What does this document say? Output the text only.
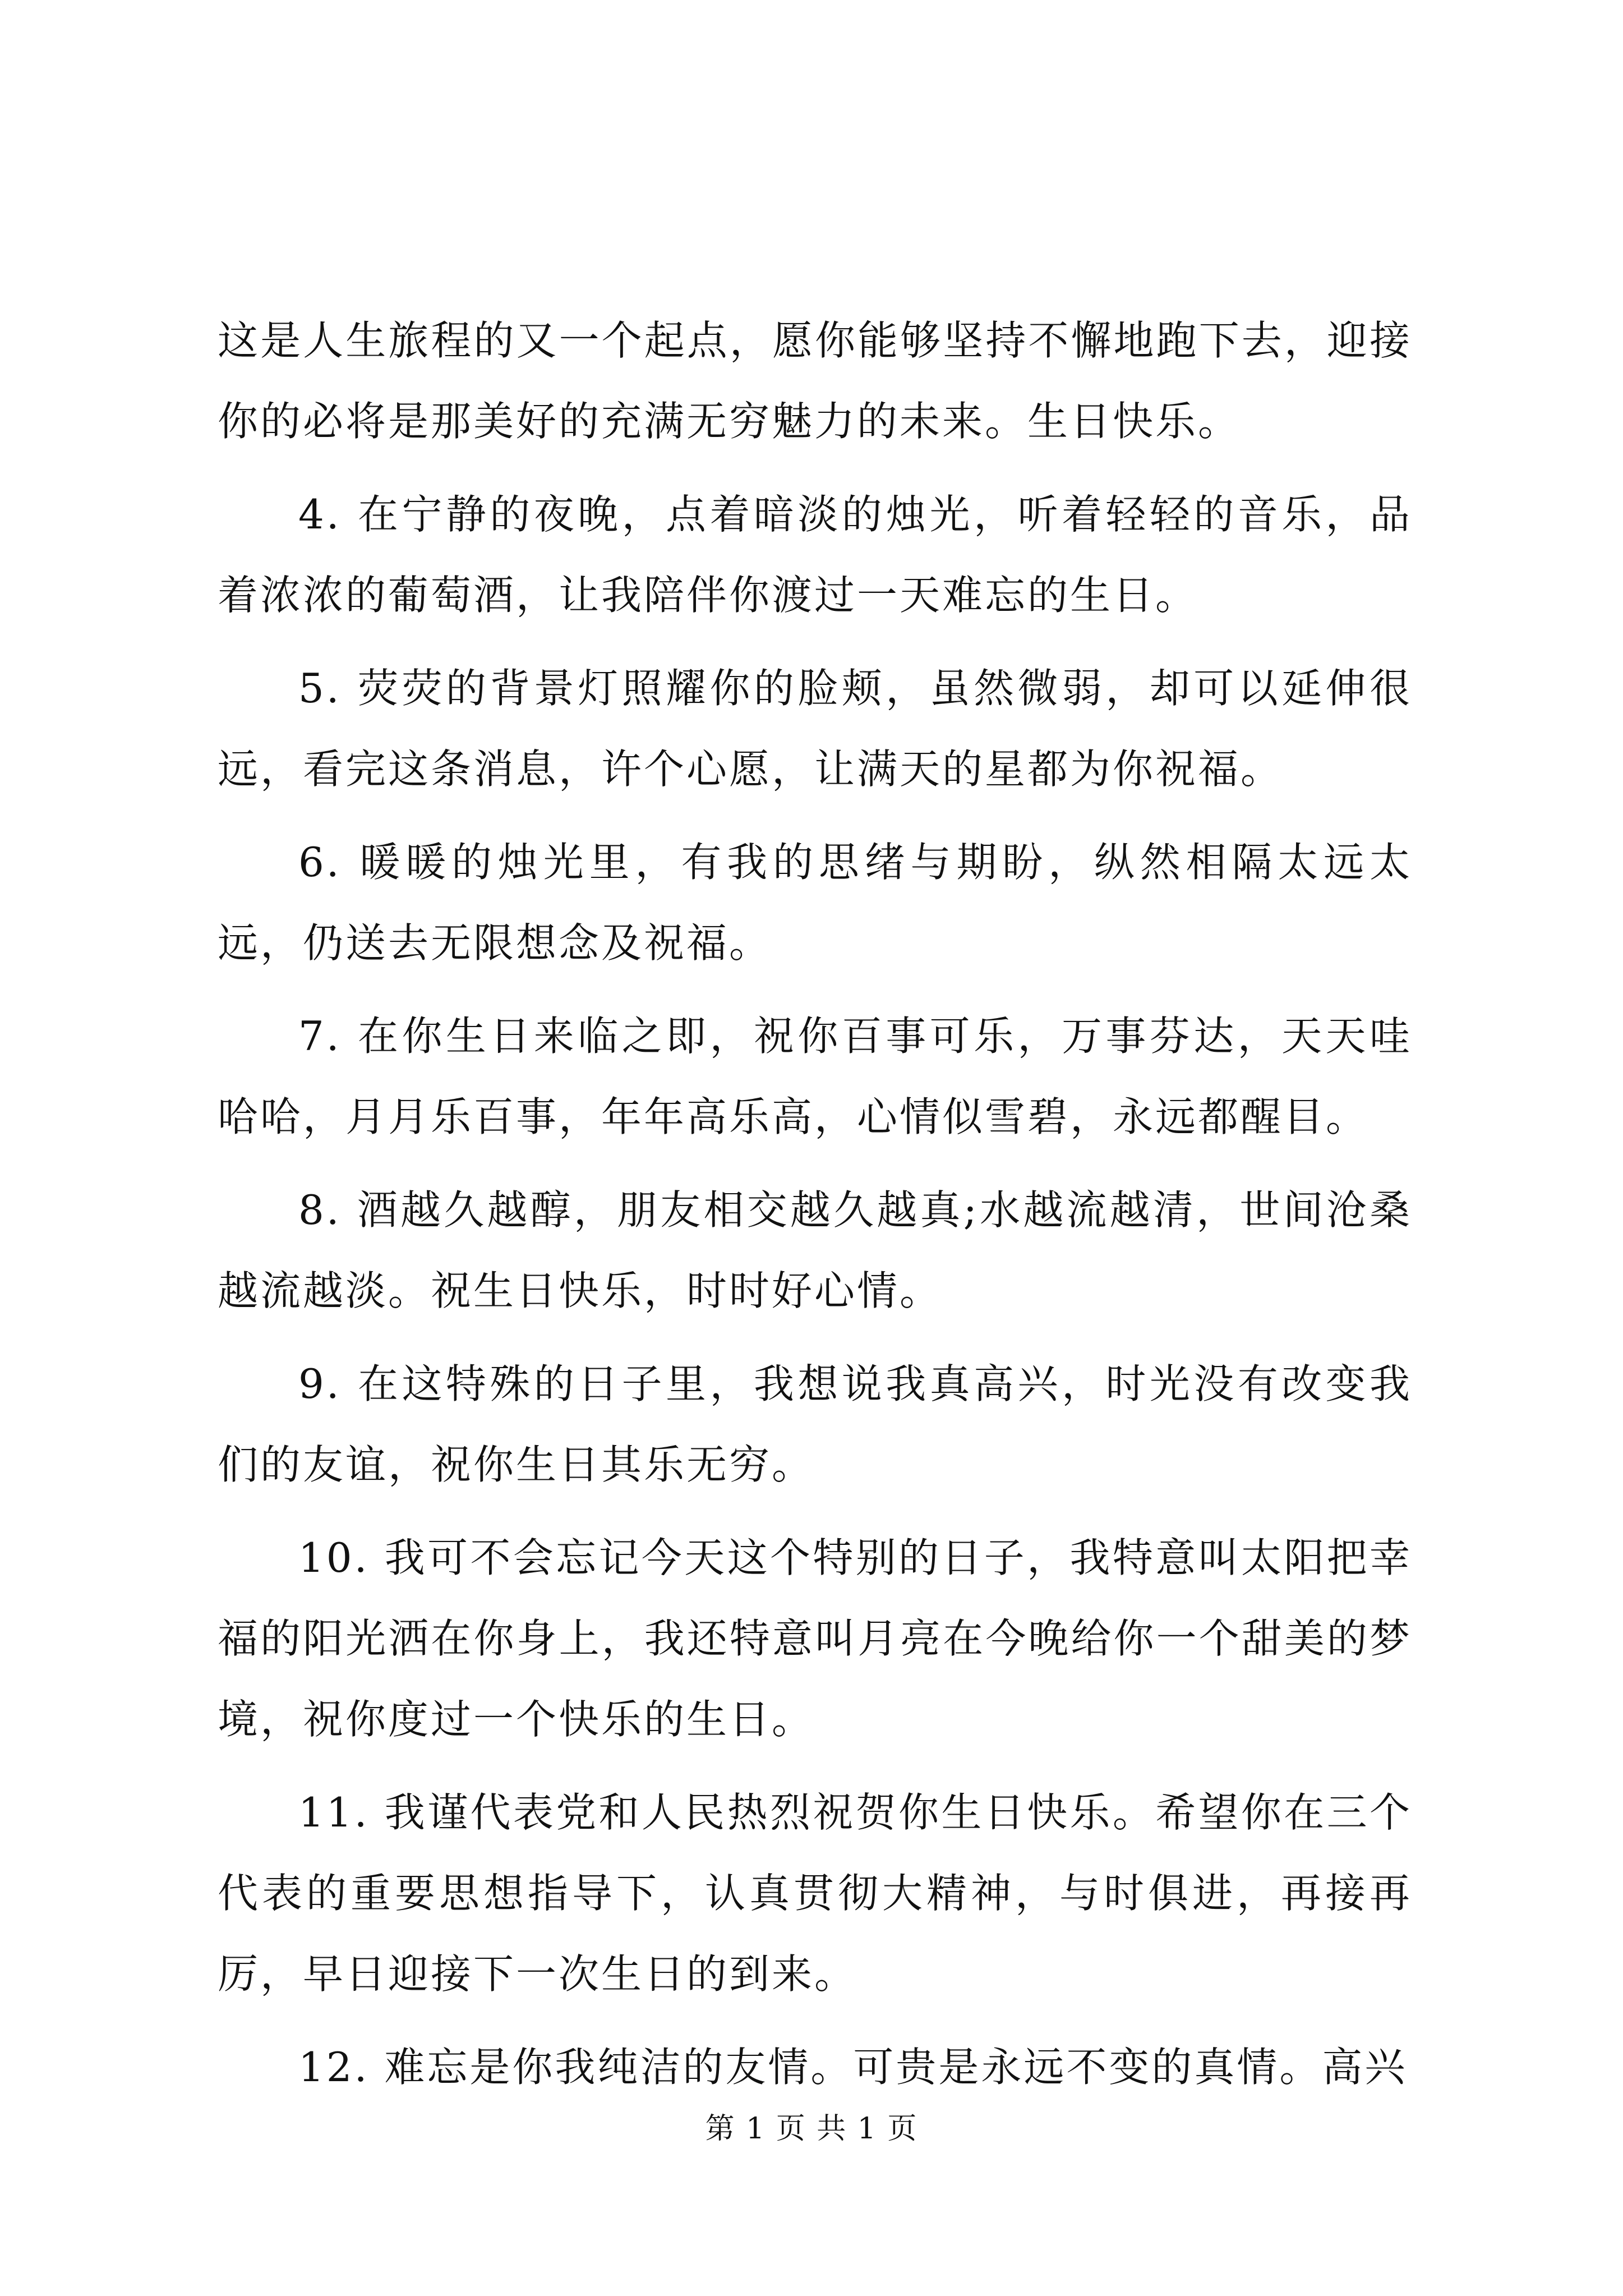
这是人生旅程的又一个起点，愿你能够坚持不懈地跑下去，迎接你的必将是那美好的充满无穷魅力的未来。生日快乐。

4. 在宁静的夜晚，点着暗淡的烛光，听着轻轻的音乐，品着浓浓的葡萄酒，让我陪伴你渡过一天难忘的生日。

5. 荧荧的背景灯照耀你的脸颊，虽然微弱，却可以延伸很远，看完这条消息，许个心愿，让满天的星都为你祝福。

6. 暖暖的烛光里，有我的思绪与期盼，纵然相隔太远太远，仍送去无限想念及祝福。

7. 在你生日来临之即，祝你百事可乐，万事芬达，天天哇哈哈，月月乐百事，年年高乐高，心情似雪碧，永远都醒目。

8. 酒越久越醇，朋友相交越久越真;水越流越清，世间沧桑越流越淡。祝生日快乐，时时好心情。

9. 在这特殊的日子里，我想说我真高兴，时光没有改变我们的友谊，祝你生日其乐无穷。

10. 我可不会忘记今天这个特别的日子，我特意叫太阳把幸福的阳光洒在你身上，我还特意叫月亮在今晚给你一个甜美的梦境，祝你度过一个快乐的生日。

11. 我谨代表党和人民热烈祝贺你生日快乐。希望你在三个代表的重要思想指导下，认真贯彻大精神，与时俱进，再接再厉，早日迎接下一次生日的到来。

12. 难忘是你我纯洁的友情。可贵是永远不变的真情。高兴

第 1 页 共 1 页
